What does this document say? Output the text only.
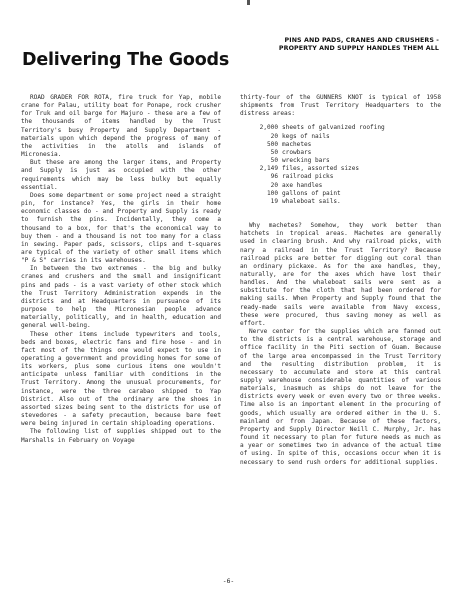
PINS AND PADS, CRANES AND CRUSHERS -
PROPERTY AND SUPPLY HANDLES THEM ALL
Delivering The Goods

ROAD GRADER FOR ROTA, fire truck for Yap, mobile crane for Palau, utility boat for Ponape, rock crusher for Truk and oil barge for Majuro - these are a few of the thousands of items handled by the Trust Territory's busy Property and Supply Department - materials upon which depend the progress of many of the activities in the atolls and islands of Micronesia.

But these are among the larger items, and Property and Supply is just as occupied with the other requirements which may be less bulky but equally essential.

Does some department or some project need a straight pin, for instance? Yes, the girls in their home economic classes do - and Property and Supply is ready to furnish the pins. Incidentally, they come a thousand to a box, for that's the economical way to buy them - and a thousand is not too many for a class in sewing. Paper pads, scissors, clips and t-squares are typical of the variety of other small items which "P & S" carries in its warehouses.

In between the two extremes - the big and bulky cranes and crushers and the small and insignificant pins and pads - is a vast variety of other stock which the Trust Territory Administration expends in the districts and at Headquarters in pursuance of its purpose to help the Micronesian people advance materially, politically, and in health, education and general well-being.

These other items include typewriters and tools, beds and boxes, electric fans and fire hose - and in fact most of the things one would expect to use in operating a government and providing homes for some of its workers, plus some curious items one wouldn't anticipate unless familiar with conditions in the Trust Territory. Among the unusual procurements, for instance, were the three carabao shipped to Yap District. Also out of the ordinary are the shoes in assorted sizes being sent to the districts for use of stevedores - a safety precaution, because bare feet were being injured in certain shiploading operations.

The following list of supplies shipped out to the Marshalls in February on Voyage

thirty-four of the GUNNERS KNOT is typical of 1958 shipments from Trust Territory Headquarters to the distress areas:

2,000 sheets of galvanized roofing
20 kegs of nails
500 machetes
50 crowbars
50 wrecking bars
2,149 files, assorted sizes
96 railroad picks
20 axe handles
100 gallons of paint
19 whaleboat sails.

Why machetes? Somehow, they work better than hatchets in tropical areas. Machetes are generally used in clearing brush. And why railroad picks, with nary a railroad in the Trust Territory? Because railroad picks are better for digging out coral than an ordinary pickaxe. As for the axe handles, they, naturally, are for the axes which have lost their handles. And the whaleboat sails were sent as a substitute for the cloth that had been ordered for making sails. When Property and Supply found that the ready-made sails were available from Navy excess, these were procured, thus saving money as well as effort.

Nerve center for the supplies which are fanned out to the districts is a central warehouse, storage and office facility in the Piti section of Guam. Because of the large area encompassed in the Trust Territory and the resulting distribution problem, it is necessary to accumulate and store at this central supply warehouse considerable quantities of various materials, inasmuch as ships do not leave for the districts every week or even every two or three weeks. Time also is an important element in the procuring of goods, which usually are ordered either in the U. S. mainland or from Japan. Because of these factors, Property and Supply Director Neill C. Murphy, Jr. has found it necessary to plan for future needs as much as a year or sometimes two in advance of the actual time of using. In spite of this, occasions occur when it is necessary to send rush orders for additional supplies.

-6-
